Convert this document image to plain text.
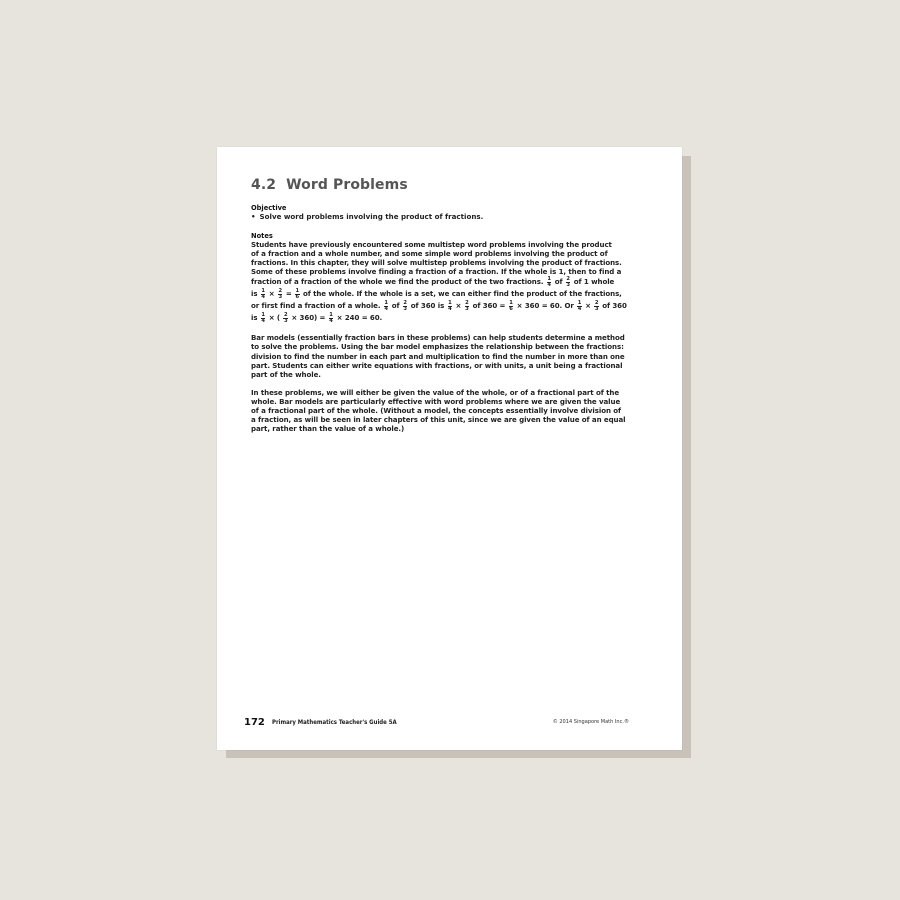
4.2 Word Problems

Objective

• Solve word problems involving the product of fractions.

Notes

Students have previously encountered some multistep word problems involving the product
of a fraction and a whole number, and some simple word problems involving the product of
fractions. In this chapter, they will solve multistep problems involving the product of fractions.
Some of these problems involve finding a fraction of a fraction. If the whole is 1, then to find a
fraction of a fraction of the whole we find the product of the two fractions. $\frac{1}{4}$ of $\frac{2}{3}$ of 1 whole
is $\frac{1}{4} \times \frac{2}{3} = \frac{1}{6}$ of the whole. If the whole is a set, we can either find the product of the fractions,
or first find a fraction of a whole. $\frac{1}{4}$ of $\frac{2}{3}$ of 360 is $\frac{1}{4} \times \frac{2}{3}$ of $360 = \frac{1}{6} \times 360 = 60$. Or $\frac{1}{4} \times \frac{2}{3}$ of 360
is $\frac{1}{4}$ × ( $\frac{2}{3} \times 360) = \frac{1}{4} \times 240 = 60$.

Bar models (essentially fraction bars in these problems) can help students determine a method
to solve the problems. Using the bar model emphasizes the relationship between the fractions:
division to find the number in each part and multiplication to find the number in more than one
part. Students can either write equations with fractions, or with units, a unit being a fractional
part of the whole.

In these problems, we will either be given the value of the whole, or of a fractional part of the
whole. Bar models are particularly effective with word problems where we are given the value
of a fractional part of the whole. (Without a model, the concepts essentially involve division of
a fraction, as will be seen in later chapters of this unit, since we are given the value of an equal
part, rather than the value of a whole.)

172 Primary Mathematics Teacher's Guide 5A	© 2014 Singapore Math Inc.®
